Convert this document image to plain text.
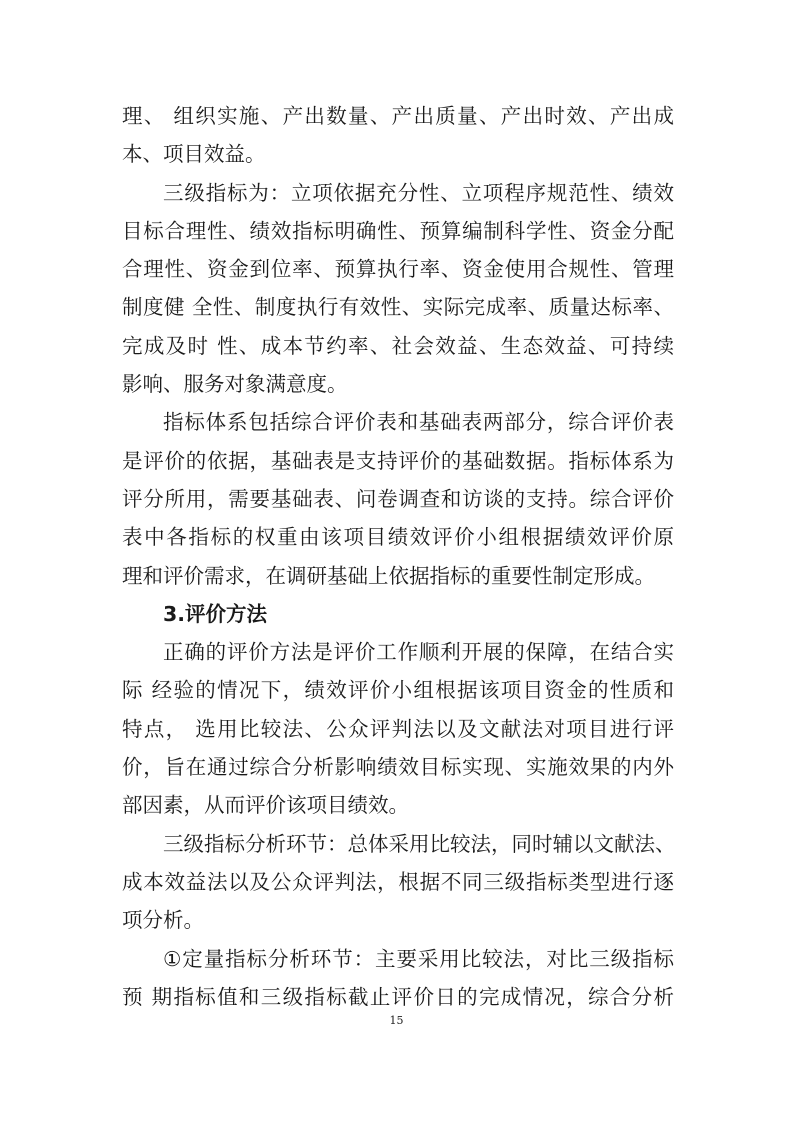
理、 组织实施、产出数量、产出质量、产出时效、产出成
本、项目效益。
三级指标为：立项依据充分性、立项程序规范性、绩效
目标合理性、绩效指标明确性、预算编制科学性、资金分配
合理性、资金到位率、预算执行率、资金使用合规性、管理
制度健 全性、制度执行有效性、实际完成率、质量达标率、
完成及时 性、成本节约率、社会效益、生态效益、可持续
影响、服务对象满意度。
指标体系包括综合评价表和基础表两部分，综合评价表
是评价的依据，基础表是支持评价的基础数据。指标体系为
评分所用，需要基础表、问卷调查和访谈的支持。综合评价
表中各指标的权重由该项目绩效评价小组根据绩效评价原
理和评价需求，在调研基础上依据指标的重要性制定形成。
3.评价方法
正确的评价方法是评价工作顺利开展的保障，在结合实
际 经验的情况下，绩效评价小组根据该项目资金的性质和
特点， 选用比较法、公众评判法以及文献法对项目进行评
价，旨在通过综合分析影响绩效目标实现、实施效果的内外
部因素，从而评价该项目绩效。
三级指标分析环节：总体采用比较法，同时辅以文献法、
成本效益法以及公众评判法，根据不同三级指标类型进行逐
项分析。
①定量指标分析环节：主要采用比较法，对比三级指标
预 期指标值和三级指标截止评价日的完成情况，综合分析
15
